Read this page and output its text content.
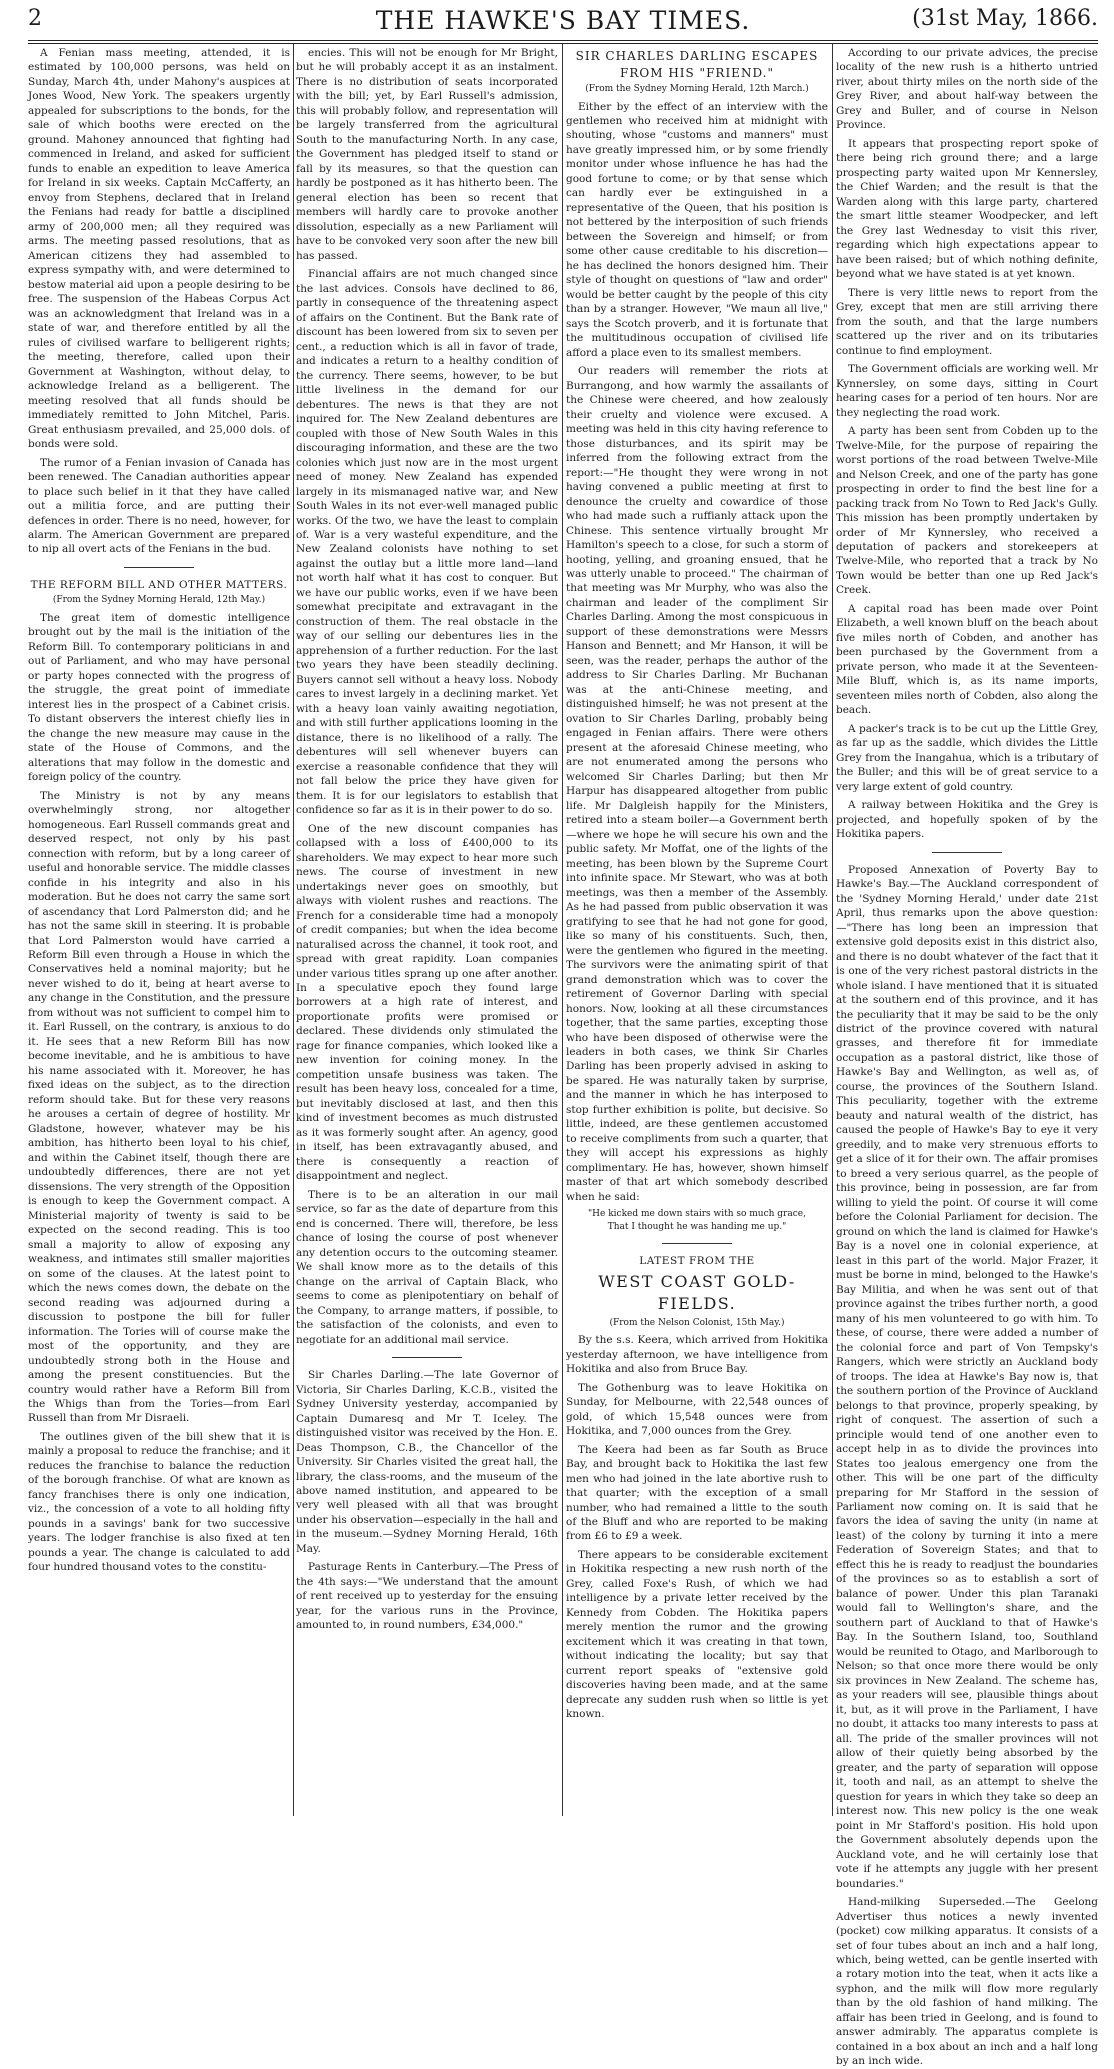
2	THE HAWKE'S BAY TIMES.	(31st May, 1866.

A Fenian mass meeting, attended, it is estimated by 100,000 persons, was held on Sunday, March 4th, under Mahony's auspices at Jones Wood, New York. The speakers urgently appealed for subscriptions to the bonds, for the sale of which booths were erected on the ground. Mahoney announced that fighting had commenced in Ireland, and asked for sufficient funds to enable an expedition to leave America for Ireland in six weeks. Captain McCafferty, an envoy from Stephens, declared that in Ireland the Fenians had ready for battle a disciplined army of 200,000 men; all they required was arms. The meeting passed resolutions, that as American citizens they had assembled to express sympathy with, and were determined to bestow material aid upon a people desiring to be free. The suspension of the Habeas Corpus Act was an acknowledgment that Ireland was in a state of war, and therefore entitled by all the rules of civilised warfare to belligerent rights; the meeting, therefore, called upon their Government at Washington, without delay, to acknowledge Ireland as a belligerent. The meeting resolved that all funds should be immediately remitted to John Mitchel, Paris. Great enthusiasm prevailed, and 25,000 dols. of bonds were sold.

The rumor of a Fenian invasion of Canada has been renewed. The Canadian authorities appear to place such belief in it that they have called out a militia force, and are putting their defences in order. There is no need, however, for alarm. The American Government are prepared to nip all overt acts of the Fenians in the bud.

THE REFORM BILL AND OTHER MATTERS.
(From the Sydney Morning Herald, 12th May.)

The great item of domestic intelligence brought out by the mail is the initiation of the Reform Bill. To contemporary politicians in and out of Parliament, and who may have personal or party hopes connected with the progress of the struggle, the great point of immediate interest lies in the prospect of a Cabinet crisis. To distant observers the interest chiefly lies in the change the new measure may cause in the state of the House of Commons, and the alterations that may follow in the domestic and foreign policy of the country.

The Ministry is not by any means overwhelmingly strong, nor altogether homogeneous. Earl Russell commands great and deserved respect, not only by his past connection with reform, but by a long career of useful and honorable service. The middle classes confide in his integrity and also in his moderation. But he does not carry the same sort of ascendancy that Lord Palmerston did; and he has not the same skill in steering. It is probable that Lord Palmerston would have carried a Reform Bill even through a House in which the Conservatives held a nominal majority; but he never wished to do it, being at heart averse to any change in the Constitution, and the pressure from without was not sufficient to compel him to it. Earl Russell, on the contrary, is anxious to do it. He sees that a new Reform Bill has now become inevitable, and he is ambitious to have his name associated with it. Moreover, he has fixed ideas on the subject, as to the direction reform should take. But for these very reasons he arouses a certain of degree of hostility. Mr Gladstone, however, whatever may be his ambition, has hitherto been loyal to his chief, and within the Cabinet itself, though there are undoubtedly differences, there are not yet dissensions. The very strength of the Opposition is enough to keep the Government compact. A Ministerial majority of twenty is said to be expected on the second reading. This is too small a majority to allow of exposing any weakness, and intimates still smaller majorities on some of the clauses. At the latest point to which the news comes down, the debate on the second reading was adjourned during a discussion to postpone the bill for fuller information. The Tories will of course make the most of the opportunity, and they are undoubtedly strong both in the House and among the present constituencies. But the country would rather have a Reform Bill from the Whigs than from the Tories—from Earl Russell than from Mr Disraeli.

The outlines given of the bill shew that it is mainly a proposal to reduce the franchise; and it reduces the franchise to balance the reduction of the borough franchise. Of what are known as fancy franchises there is only one indication, viz., the concession of a vote to all holding fifty pounds in a savings' bank for two successive years. The lodger franchise is also fixed at ten pounds a year. The change is calculated to add four hundred thousand votes to the constitu-

encies. This will not be enough for Mr Bright, but he will probably accept it as an instalment. There is no distribution of seats incorporated with the bill; yet, by Earl Russell's admission, this will probably follow, and representation will be largely transferred from the agricultural South to the manufacturing North. In any case, the Government has pledged itself to stand or fall by its measures, so that the question can hardly be postponed as it has hitherto been. The general election has been so recent that members will hardly care to provoke another dissolution, especially as a new Parliament will have to be convoked very soon after the new bill has passed.

Financial affairs are not much changed since the last advices. Consols have declined to 86, partly in consequence of the threatening aspect of affairs on the Continent. But the Bank rate of discount has been lowered from six to seven per cent., a reduction which is all in favor of trade, and indicates a return to a healthy condition of the currency. There seems, however, to be but little liveliness in the demand for our debentures. The news is that they are not inquired for. The New Zealand debentures are coupled with those of New South Wales in this discouraging information, and these are the two colonies which just now are in the most urgent need of money. New Zealand has expended largely in its mismanaged native war, and New South Wales in its not ever-well managed public works. Of the two, we have the least to complain of. War is a very wasteful expenditure, and the New Zealand colonists have nothing to set against the outlay but a little more land—land not worth half what it has cost to conquer. But we have our public works, even if we have been somewhat precipitate and extravagant in the construction of them. The real obstacle in the way of our selling our debentures lies in the apprehension of a further reduction. For the last two years they have been steadily declining. Buyers cannot sell without a heavy loss. Nobody cares to invest largely in a declining market. Yet with a heavy loan vainly awaiting negotiation, and with still further applications looming in the distance, there is no likelihood of a rally. The debentures will sell whenever buyers can exercise a reasonable confidence that they will not fall below the price they have given for them. It is for our legislators to establish that confidence so far as it is in their power to do so.

One of the new discount companies has collapsed with a loss of £400,000 to its shareholders. We may expect to hear more such news. The course of investment in new undertakings never goes on smoothly, but always with violent rushes and reactions. The French for a considerable time had a monopoly of credit companies; but when the idea become naturalised across the channel, it took root, and spread with great rapidity. Loan companies under various titles sprang up one after another. In a speculative epoch they found large borrowers at a high rate of interest, and proportionate profits were promised or declared. These dividends only stimulated the rage for finance companies, which looked like a new invention for coining money. In the competition unsafe business was taken. The result has been heavy loss, concealed for a time, but inevitably disclosed at last, and then this kind of investment becomes as much distrusted as it was formerly sought after. An agency, good in itself, has been extravagantly abused, and there is consequently a reaction of disappointment and neglect.

There is to be an alteration in our mail service, so far as the date of departure from this end is concerned. There will, therefore, be less chance of losing the course of post whenever any detention occurs to the outcoming steamer. We shall know more as to the details of this change on the arrival of Captain Black, who seems to come as plenipotentiary on behalf of the Company, to arrange matters, if possible, to the satisfaction of the colonists, and even to negotiate for an additional mail service.

Sir Charles Darling.—The late Governor of Victoria, Sir Charles Darling, K.C.B., visited the Sydney University yesterday, accompanied by Captain Dumaresq and Mr T. Iceley. The distinguished visitor was received by the Hon. E. Deas Thompson, C.B., the Chancellor of the University. Sir Charles visited the great hall, the library, the class-rooms, and the museum of the above named institution, and appeared to be very well pleased with all that was brought under his observation—especially in the hall and in the museum.—Sydney Morning Herald, 16th May.

Pasturage Rents in Canterbury.—The Press of the 4th says:—"We understand that the amount of rent received up to yesterday for the ensuing year, for the various runs in the Province, amounted to, in round numbers, £34,000."

SIR CHARLES DARLING ESCAPES FROM HIS "FRIEND."
(From the Sydney Morning Herald, 12th March.)

Either by the effect of an interview with the gentlemen who received him at midnight with shouting, whose "customs and manners" must have greatly impressed him, or by some friendly monitor under whose influence he has had the good fortune to come; or by that sense which can hardly ever be extinguished in a representative of the Queen, that his position is not bettered by the interposition of such friends between the Sovereign and himself; or from some other cause creditable to his discretion—he has declined the honors designed him. Their style of thought on questions of "law and order" would be better caught by the people of this city than by a stranger. However, "We maun all live," says the Scotch proverb, and it is fortunate that the multitudinous occupation of civilised life afford a place even to its smallest members.

Our readers will remember the riots at Burrangong, and how warmly the assailants of the Chinese were cheered, and how zealously their cruelty and violence were excused. A meeting was held in this city having reference to those disturbances, and its spirit may be inferred from the following extract from the report:—"He thought they were wrong in not having convened a public meeting at first to denounce the cruelty and cowardice of those who had made such a ruffianly attack upon the Chinese. This sentence virtually brought Mr Hamilton's speech to a close, for such a storm of hooting, yelling, and groaning ensued, that he was utterly unable to proceed." The chairman of that meeting was Mr Murphy, who was also the chairman and leader of the compliment Sir Charles Darling. Among the most conspicuous in support of these demonstrations were Messrs Hanson and Bennett; and Mr Hanson, it will be seen, was the reader, perhaps the author of the address to Sir Charles Darling. Mr Buchanan was at the anti-Chinese meeting, and distinguished himself; he was not present at the ovation to Sir Charles Darling, probably being engaged in Fenian affairs. There were others present at the aforesaid Chinese meeting, who are not enumerated among the persons who welcomed Sir Charles Darling; but then Mr Harpur has disappeared altogether from public life. Mr Dalgleish happily for the Ministers, retired into a steam boiler—a Government berth—where we hope he will secure his own and the public safety. Mr Moffat, one of the lights of the meeting, has been blown by the Supreme Court into infinite space. Mr Stewart, who was at both meetings, was then a member of the Assembly. As he had passed from public observation it was gratifying to see that he had not gone for good, like so many of his constituents. Such, then, were the gentlemen who figured in the meeting. The survivors were the animating spirit of that grand demonstration which was to cover the retirement of Governor Darling with special honors. Now, looking at all these circumstances together, that the same parties, excepting those who have been disposed of otherwise were the leaders in both cases, we think Sir Charles Darling has been properly advised in asking to be spared. He was naturally taken by surprise, and the manner in which he has interposed to stop further exhibition is polite, but decisive. So little, indeed, are these gentlemen accustomed to receive compliments from such a quarter, that they will accept his expressions as highly complimentary. He has, however, shown himself master of that art which somebody described when he said:

"He kicked me down stairs with so much grace,
That I thought he was handing me up."
LATEST FROM THE
WEST COAST GOLD-FIELDS.
(From the Nelson Colonist, 15th May.)

By the s.s. Keera, which arrived from Hokitika yesterday afternoon, we have intelligence from Hokitika and also from Bruce Bay.

The Gothenburg was to leave Hokitika on Sunday, for Melbourne, with 22,548 ounces of gold, of which 15,548 ounces were from Hokitika, and 7,000 ounces from the Grey.

The Keera had been as far South as Bruce Bay, and brought back to Hokitika the last few men who had joined in the late abortive rush to that quarter; with the exception of a small number, who had remained a little to the south of the Bluff and who are reported to be making from £6 to £9 a week.

There appears to be considerable excitement in Hokitika respecting a new rush north of the Grey, called Foxe's Rush, of which we had intelligence by a private letter received by the Kennedy from Cobden. The Hokitika papers merely mention the rumor and the growing excitement which it was creating in that town, without indicating the locality; but say that current report speaks of "extensive gold discoveries having been made, and at the same deprecate any sudden rush when so little is yet known.

According to our private advices, the precise locality of the new rush is a hitherto untried river, about thirty miles on the north side of the Grey River, and about half-way between the Grey and Buller, and of course in Nelson Province.

It appears that prospecting report spoke of there being rich ground there; and a large prospecting party waited upon Mr Kennersley, the Chief Warden; and the result is that the Warden along with this large party, chartered the smart little steamer Woodpecker, and left the Grey last Wednesday to visit this river, regarding which high expectations appear to have been raised; but of which nothing definite, beyond what we have stated is at yet known.

There is very little news to report from the Grey, except that men are still arriving there from the south, and that the large numbers scattered up the river and on its tributaries continue to find employment.

The Government officials are working well. Mr Kynnersley, on some days, sitting in Court hearing cases for a period of ten hours. Nor are they neglecting the road work.

A party has been sent from Cobden up to the Twelve-Mile, for the purpose of repairing the worst portions of the road between Twelve-Mile and Nelson Creek, and one of the party has gone prospecting in order to find the best line for a packing track from No Town to Red Jack's Gully. This mission has been promptly undertaken by order of Mr Kynnersley, who received a deputation of packers and storekeepers at Twelve-Mile, who reported that a track by No Town would be better than one up Red Jack's Creek.

A capital road has been made over Point Elizabeth, a well known bluff on the beach about five miles north of Cobden, and another has been purchased by the Government from a private person, who made it at the Seventeen-Mile Bluff, which is, as its name imports, seventeen miles north of Cobden, also along the beach.

A packer's track is to be cut up the Little Grey, as far up as the saddle, which divides the Little Grey from the Inangahua, which is a tributary of the Buller; and this will be of great service to a very large extent of gold country.

A railway between Hokitika and the Grey is projected, and hopefully spoken of by the Hokitika papers.

Proposed Annexation of Poverty Bay to Hawke's Bay.—The Auckland correspondent of the 'Sydney Morning Herald,' under date 21st April, thus remarks upon the above question:—"There has long been an impression that extensive gold deposits exist in this district also, and there is no doubt whatever of the fact that it is one of the very richest pastoral districts in the whole island. I have mentioned that it is situated at the southern end of this province, and it has the peculiarity that it may be said to be the only district of the province covered with natural grasses, and therefore fit for immediate occupation as a pastoral district, like those of Hawke's Bay and Wellington, as well as, of course, the provinces of the Southern Island. This peculiarity, together with the extreme beauty and natural wealth of the district, has caused the people of Hawke's Bay to eye it very greedily, and to make very strenuous efforts to get a slice of it for their own. The affair promises to breed a very serious quarrel, as the people of this province, being in possession, are far from willing to yield the point. Of course it will come before the Colonial Parliament for decision. The ground on which the land is claimed for Hawke's Bay is a novel one in colonial experience, at least in this part of the world. Major Frazer, it must be borne in mind, belonged to the Hawke's Bay Militia, and when he was sent out of that province against the tribes further north, a good many of his men volunteered to go with him. To these, of course, there were added a number of the colonial force and part of Von Tempsky's Rangers, which were strictly an Auckland body of troops. The idea at Hawke's Bay now is, that the southern portion of the Province of Auckland belongs to that province, properly speaking, by right of conquest. The assertion of such a principle would tend of one another even to accept help in as to divide the provinces into States too jealous emergency one from the other. This will be one part of the difficulty preparing for Mr Stafford in the session of Parliament now coming on. It is said that he favors the idea of saving the unity (in name at least) of the colony by turning it into a mere Federation of Sovereign States; and that to effect this he is ready to readjust the boundaries of the provinces so as to establish a sort of balance of power. Under this plan Taranaki would fall to Wellington's share, and the southern part of Auckland to that of Hawke's Bay. In the Southern Island, too, Southland would be reunited to Otago, and Marlborough to Nelson; so that once more there would be only six provinces in New Zealand. The scheme has, as your readers will see, plausible things about it, but, as it will prove in the Parliament, I have no doubt, it attacks too many interests to pass at all. The pride of the smaller provinces will not allow of their quietly being absorbed by the greater, and the party of separation will oppose it, tooth and nail, as an attempt to shelve the question for years in which they take so deep an interest now. This new policy is the one weak point in Mr Stafford's position. His hold upon the Government absolutely depends upon the Auckland vote, and he will certainly lose that vote if he attempts any juggle with her present boundaries."

Hand-milking Superseded.—The Geelong Advertiser thus notices a newly invented (pocket) cow milking apparatus. It consists of a set of four tubes about an inch and a half long, which, being wetted, can be gentle inserted with a rotary motion into the teat, when it acts like a syphon, and the milk will flow more regularly than by the old fashion of hand milking. The affair has been tried in Geelong, and is found to answer admirably. The apparatus complete is contained in a box about an inch and a half long by an inch wide.
